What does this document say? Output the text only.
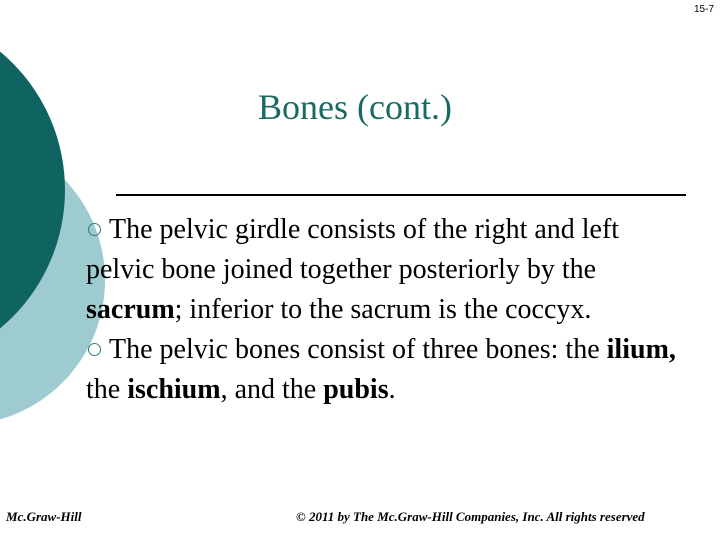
15-7
Bones (cont.)

The pelvic girdle consists of the right and left pelvic bone joined together posteriorly by the sacrum; inferior to the sacrum is the coccyx.

The pelvic bones consist of three bones: the ilium, the ischium, and the pubis.

Mc.Graw-Hill	© 2011 by The Mc.Graw-Hill Companies, Inc. All rights reserved
